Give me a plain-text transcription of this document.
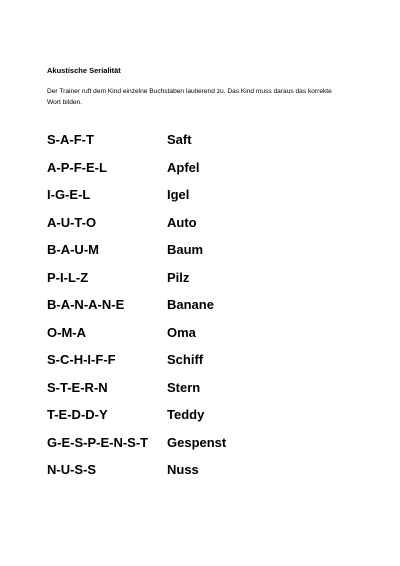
Akustische Serialität
Der Trainer ruft dem Kind einzelne Buchstaben lautierend zu. Das Kind muss daraus das korrekte Wort bilden.
S-A-F-T	Saft
A-P-F-E-L	Apfel
I-G-E-L	Igel
A-U-T-O	Auto
B-A-U-M	Baum
P-I-L-Z	Pilz
B-A-N-A-N-E	Banane
O-M-A	Oma
S-C-H-I-F-F	Schiff
S-T-E-R-N	Stern
T-E-D-D-Y	Teddy
G-E-S-P-E-N-S-T Gespenst
N-U-S-S	Nuss
